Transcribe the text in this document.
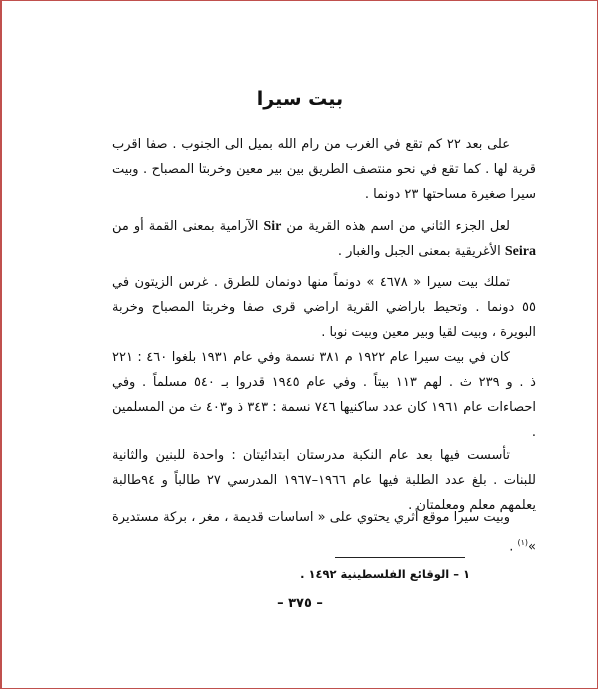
بيت سيرا

على بعد ٢٢ كم تقع في الغرب من رام الله بميل الى الجنوب . صفا اقرب قرية لها . كما تقع في نحو منتصف الطريق بين بير معين وخربتا المصباح . وبيت سيرا صغيرة مساحتها ٢٣ دونما .

لعل الجزء الثاني من اسم هذه القرية من Sir الآرامية بمعنى القمة أو من Seira الأغريقية بمعنى الجبل والغبار .

تملك بيت سيرا « ٤٦٧٨ » دونماً منها دونمان للطرق . غرس الزيتون في ٥٥ دونما . وتحيط باراضي القرية اراضي قرى صفا وخربتا المصباح وخربة البويرة ، وبيت لقيا وبير معين وبيت نوبا .

كان في بيت سيرا عام ١٩٢٢ م ٣٨١ نسمة وفي عام ١٩٣١ بلغوا ٤٦٠ : ٢٢١ ذ . و ٢٣٩ ث . لهم ١١٣ بيتاً . وفي عام ١٩٤٥ قدروا بـ ٥٤٠ مسلماً . وفي احصاءات عام ١٩٦١ كان عدد ساكنيها ٧٤٦ نسمة : ٣٤٣ ذ و٤٠٣ ث من المسلمين .

تأسست فيها بعد عام النكبة مدرستان ابتدائيتان : واحدة للبنين والثانية للبنات . بلغ عدد الطلبة فيها عام ١٩٦٦–١٩٦٧ المدرسي ٢٧ طالباً و ٩٤طالبة يعلمهم معلم ومعلمتان .

وبيت سيرا موقع أثري يحتوي على « اساسات قديمة ، مغر ، بركة مستديرة »$^{(١)}$ .

١ – الوقائع الفلسطينية ١٤٩٢ .
– ٣٧٥ –
